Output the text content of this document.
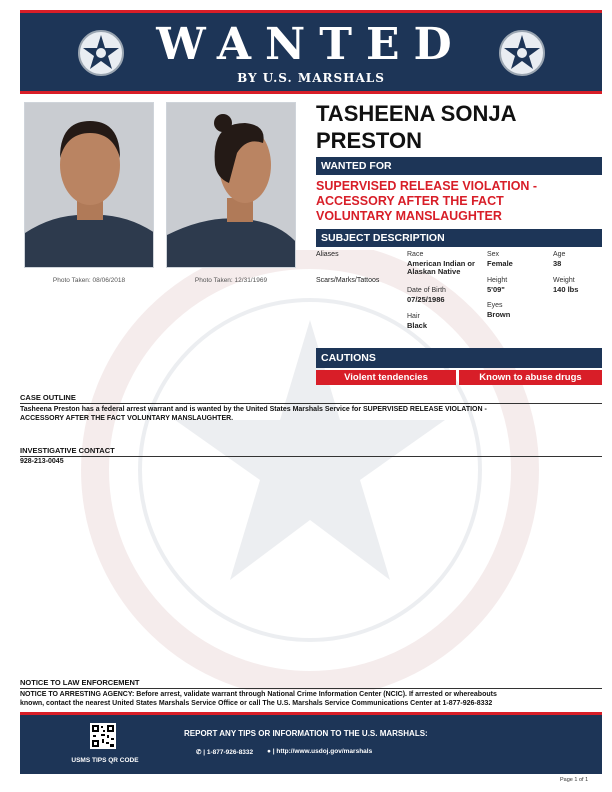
WANTED
BY U.S. MARSHALS
Photo Taken: 08/06/2018	Photo Taken: 12/31/1969
TASHEENA SONJA
PRESTON
WANTED FOR
SUPERVISED RELEASE VIOLATION -
ACCESSORY AFTER THE FACT
VOLUNTARY MANSLAUGHTER
SUBJECT DESCRIPTION
Aliases
Scars/Marks/Tattoos
Race
American Indian or
Alaskan Native
Date of Birth
07/25/1986
Hair
Black
Sex
Female
Height
5'09"
Eyes
Brown
Age
38
Weight
140 lbs
CAUTIONS
Violent tendencies	Known to abuse drugs
CASE OUTLINE
Tasheena Preston has a federal arrest warrant and is wanted by the United States Marshals Service for SUPERVISED RELEASE VIOLATION -
ACCESSORY AFTER THE FACT VOLUNTARY MANSLAUGHTER.
INVESTIGATIVE CONTACT
928-213-0045
NOTICE TO LAW ENFORCEMENT
NOTICE TO ARRESTING AGENCY: Before arrest, validate warrant through National Crime Information Center (NCIC). If arrested or whereabouts
known, contact the nearest United States Marshals Service Office or call The U.S. Marshals Service Communications Center at 1-877-926-8332
USMS TIPS QR CODE
REPORT ANY TIPS OR INFORMATION TO THE U.S. MARSHALS:
✆ | 1-877-926-8332 ● | http://www.usdoj.gov/marshals
Page 1 of 1
